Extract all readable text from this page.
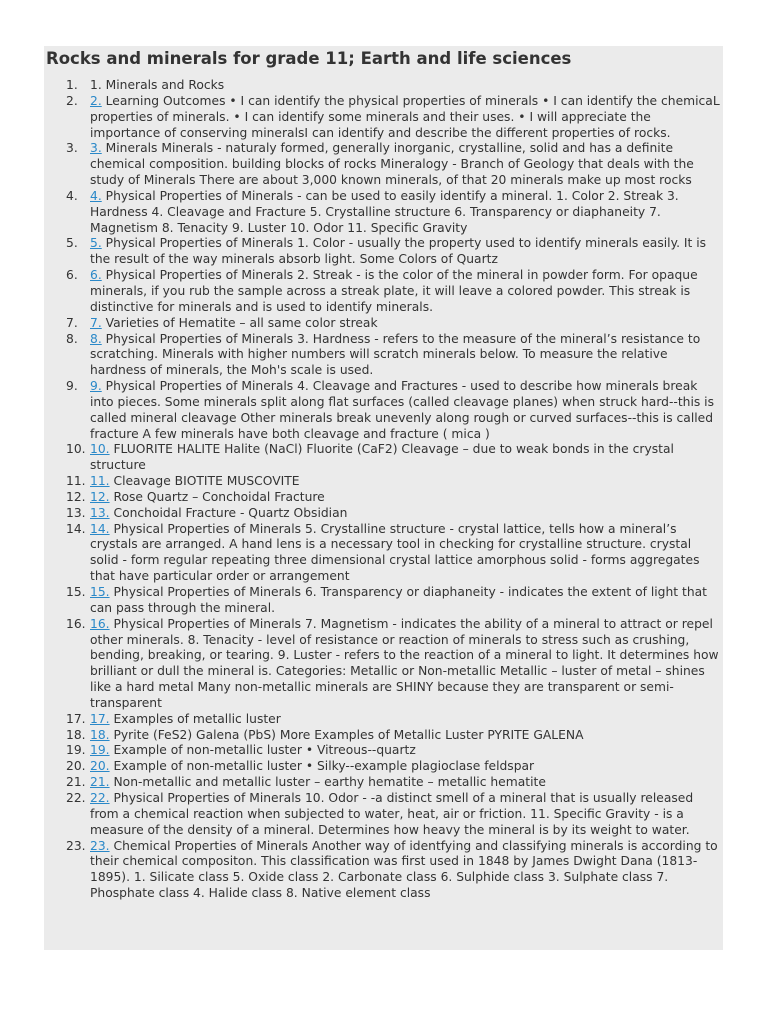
Rocks and minerals for grade 11; Earth and life sciences
1. 1. Minerals and Rocks
2. 2. Learning Outcomes • I can identify the physical properties of minerals • I can identify the chemicaL properties of minerals. • I can identify some minerals and their uses. • I will appreciate the importance of conserving mineralsI can identify and describe the different properties of rocks.
3. 3. Minerals Minerals - naturaly formed, generally inorganic, crystalline, solid and has a definite chemical composition. building blocks of rocks Mineralogy - Branch of Geology that deals with the study of Minerals There are about 3,000 known minerals, of that 20 minerals make up most rocks
4. 4. Physical Properties of Minerals - can be used to easily identify a mineral. 1. Color 2. Streak 3. Hardness 4. Cleavage and Fracture 5. Crystalline structure 6. Transparency or diaphaneity 7. Magnetism 8. Tenacity 9. Luster 10. Odor 11. Specific Gravity
5. 5. Physical Properties of Minerals 1. Color - usually the property used to identify minerals easily. It is the result of the way minerals absorb light. Some Colors of Quartz
6. 6. Physical Properties of Minerals 2. Streak - is the color of the mineral in powder form. For opaque minerals, if you rub the sample across a streak plate, it will leave a colored powder. This streak is distinctive for minerals and is used to identify minerals.
7. 7. Varieties of Hematite – all same color streak
8. 8. Physical Properties of Minerals 3. Hardness - refers to the measure of the mineral’s resistance to scratching. Minerals with higher numbers will scratch minerals below. To measure the relative hardness of minerals, the Moh's scale is used.
9. 9. Physical Properties of Minerals 4. Cleavage and Fractures - used to describe how minerals break into pieces. Some minerals split along flat surfaces (called cleavage planes) when struck hard--this is called mineral cleavage Other minerals break unevenly along rough or curved surfaces--this is called fracture A few minerals have both cleavage and fracture ( mica )
10. 10. FLUORITE HALITE Halite (NaCl) Fluorite (CaF2) Cleavage – due to weak bonds in the crystal structure
11. 11. Cleavage BIOTITE MUSCOVITE
12. 12. Rose Quartz – Conchoidal Fracture
13. 13. Conchoidal Fracture - Quartz Obsidian
14. 14. Physical Properties of Minerals 5. Crystalline structure - crystal lattice, tells how a mineral’s crystals are arranged. A hand lens is a necessary tool in checking for crystalline structure. crystal solid - form regular repeating three dimensional crystal lattice amorphous solid - forms aggregates that have particular order or arrangement
15. 15. Physical Properties of Minerals 6. Transparency or diaphaneity - indicates the extent of light that can pass through the mineral.
16. 16. Physical Properties of Minerals 7. Magnetism - indicates the ability of a mineral to attract or repel other minerals. 8. Tenacity - level of resistance or reaction of minerals to stress such as crushing, bending, breaking, or tearing. 9. Luster - refers to the reaction of a mineral to light. It determines how brilliant or dull the mineral is. Categories: Metallic or Non-metallic Metallic – luster of metal – shines like a hard metal Many non-metallic minerals are SHINY because they are transparent or semi-transparent
17. 17. Examples of metallic luster
18. 18. Pyrite (FeS2) Galena (PbS) More Examples of Metallic Luster PYRITE GALENA
19. 19. Example of non-metallic luster • Vitreous--quartz
20. 20. Example of non-metallic luster • Silky--example plagioclase feldspar
21. 21. Non-metallic and metallic luster – earthy hematite – metallic hematite
22. 22. Physical Properties of Minerals 10. Odor - -a distinct smell of a mineral that is usually released from a chemical reaction when subjected to water, heat, air or friction. 11. Specific Gravity - is a measure of the density of a mineral. Determines how heavy the mineral is by its weight to water.
23. 23. Chemical Properties of Minerals Another way of identfying and classifying minerals is according to their chemical compositon. This classification was first used in 1848 by James Dwight Dana (1813- 1895). 1. Silicate class 5. Oxide class 2. Carbonate class 6. Sulphide class 3. Sulphate class 7. Phosphate class 4. Halide class 8. Native element class
